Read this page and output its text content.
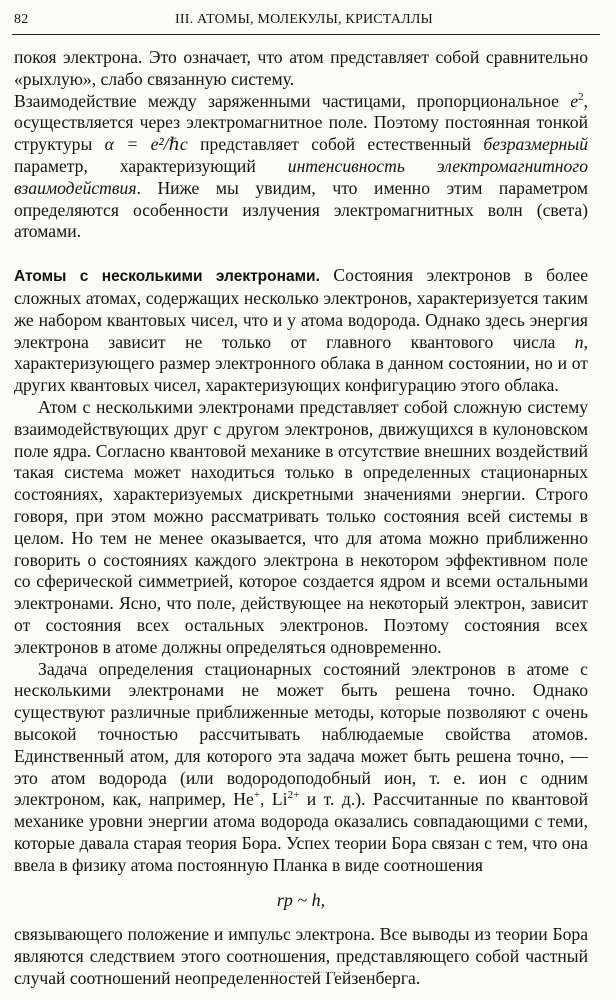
82	III. АТОМЫ, МОЛЕКУЛЫ, КРИСТАЛЛЫ

покоя электрона. Это означает, что атом представляет собой сравнительно «рыхлую», слабо связанную систему.

Взаимодействие между заряженными частицами, пропорциональное $e^2$, осуществляется через электромагнитное поле. Поэтому постоянная тонкой структуры α = e²/ℏc представляет собой естественный безразмерный параметр, характеризующий интенсивность электромагнитного взаимодействия. Ниже мы увидим, что именно этим параметром определяются особенности излучения электромагнитных волн (света) атомами.

Атомы с несколькими электронами. Состояния электронов в более сложных атомах, содержащих несколько электронов, характеризуется таким же набором квантовых чисел, что и у атома водорода. Однако здесь энергия электрона зависит не только от главного квантового числа n, характеризующего размер электронного облака в данном состоянии, но и от других квантовых чисел, характеризующих конфигурацию этого облака.

Атом с несколькими электронами представляет собой сложную систему взаимодействующих друг с другом электронов, движущихся в кулоновском поле ядра. Согласно квантовой механике в отсутствие внешних воздействий такая система может находиться только в определенных стационарных состояниях, характеризуемых дискретными значениями энергии. Строго говоря, при этом можно рассматривать только состояния всей системы в целом. Но тем не менее оказывается, что для атома можно приближенно говорить о состояниях каждого электрона в некотором эффективном поле со сферической симметрией, которое создается ядром и всеми остальными электронами. Ясно, что поле, действующее на некоторый электрон, зависит от состояния всех остальных электронов. Поэтому состояния всех электронов в атоме должны определяться одновременно.

Задача определения стационарных состояний электронов в атоме с несколькими электронами не может быть решена точно. Однако существуют различные приближенные методы, которые позволяют с очень высокой точностью рассчитывать наблюдаемые свойства атомов. Единственный атом, для которого эта задача может быть решена точно, — это атом водорода (или водородоподобный ион, т. е. ион с одним электроном, как, например, He+, $Li^{2+}$ и т. д.). Рассчитанные по квантовой механике уровни энергии атома водорода оказались совпадающими с теми, которые давала старая теория Бора. Успех теории Бора связан с тем, что она ввела в физику атома постоянную Планка в виде соотношения

rp ~ h,

связывающего положение и импульс электрона. Все выводы из теории Бора являются следствием этого соотношения, представляющего собой частный случай соотношений неопределенностей Гейзенберга.
